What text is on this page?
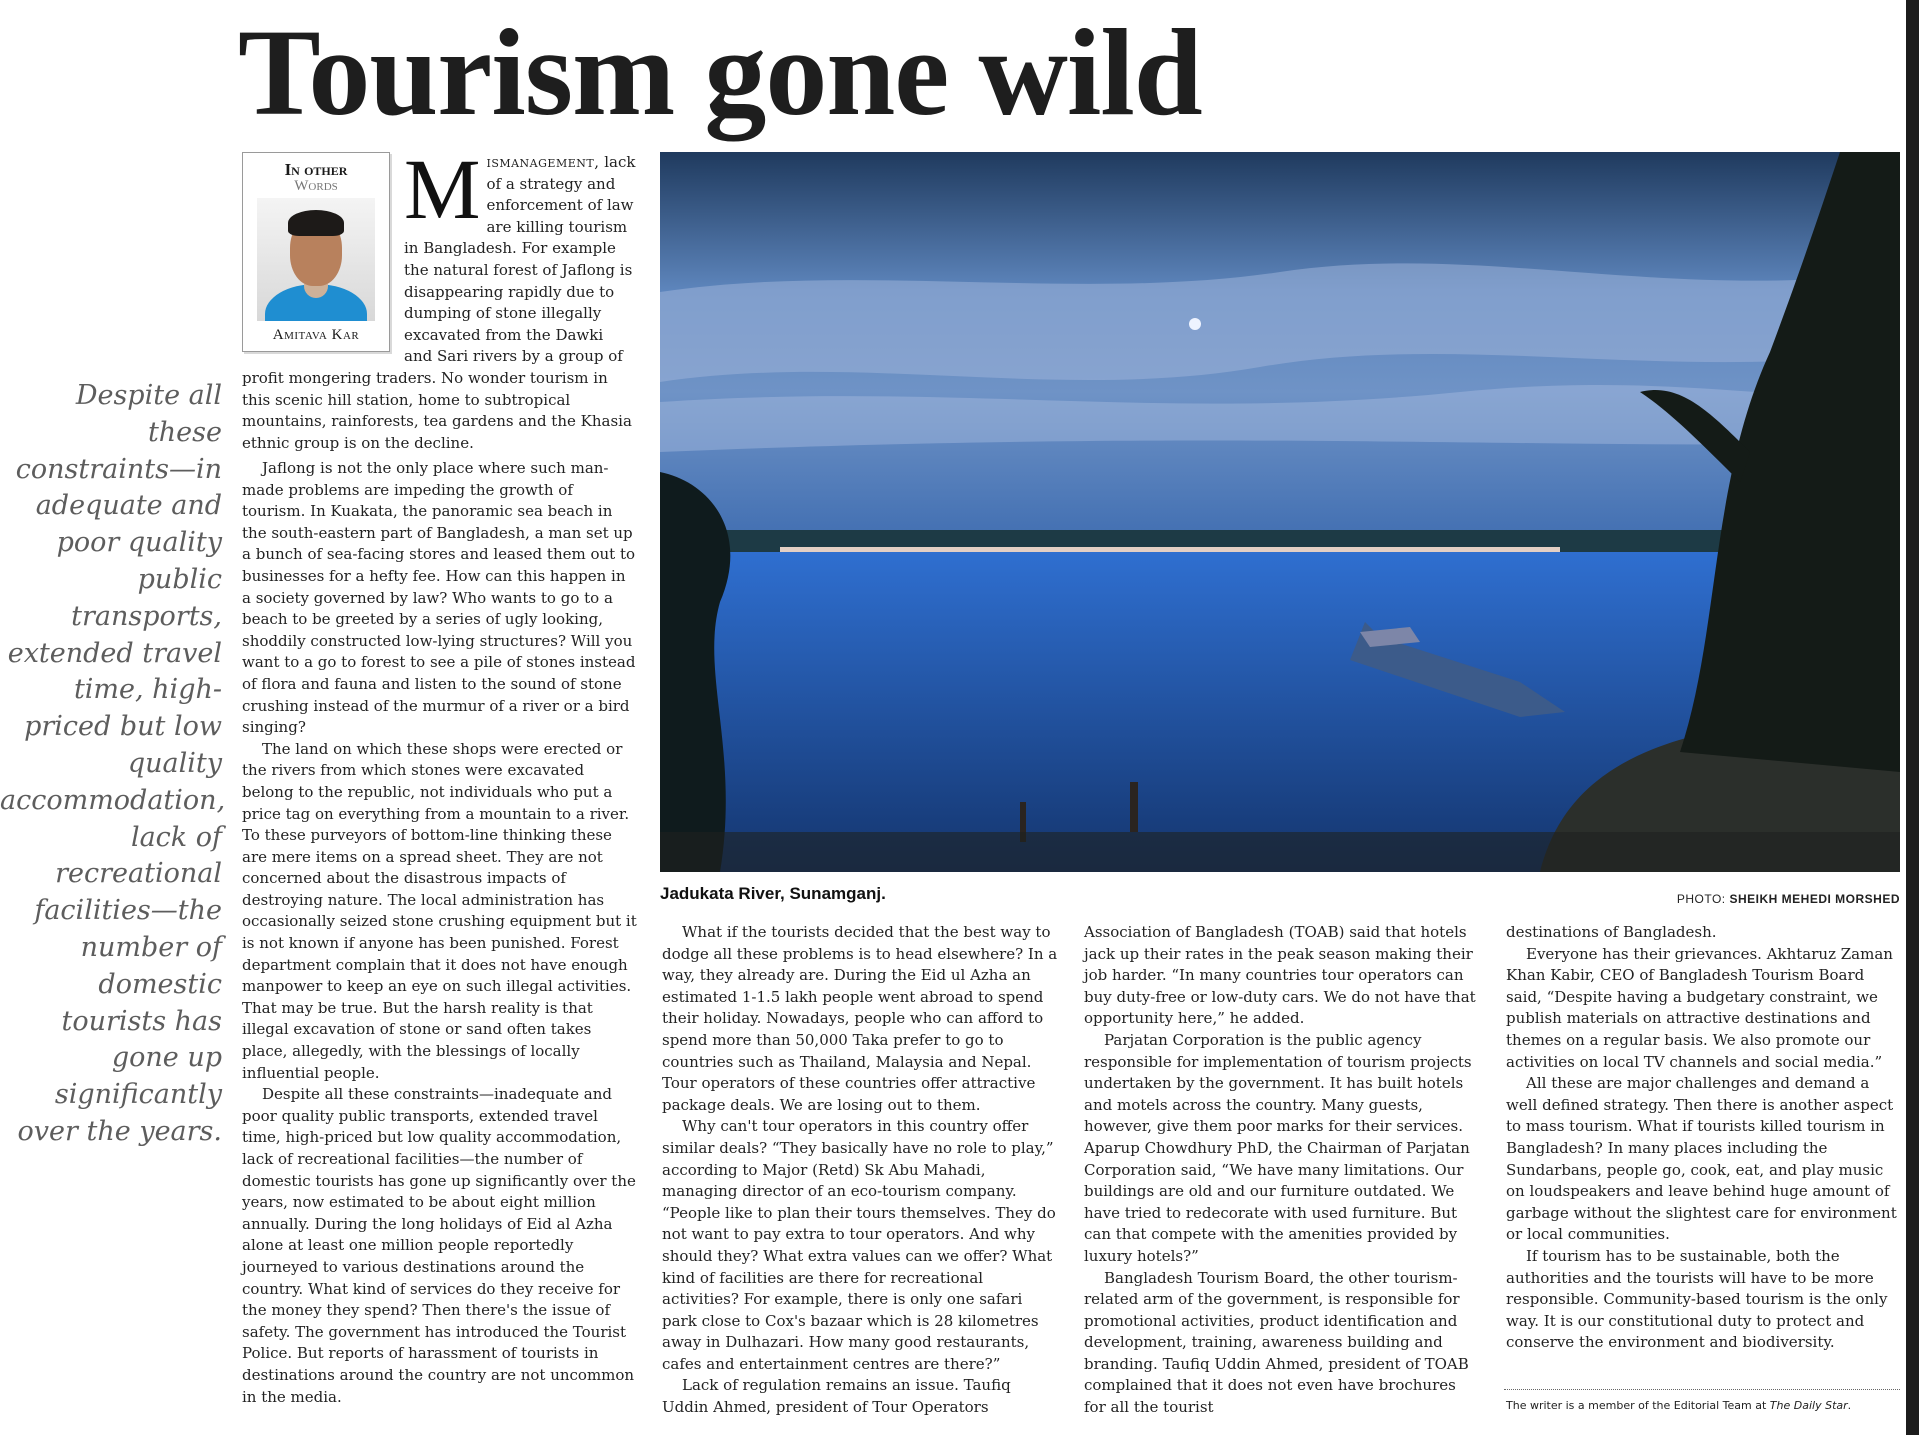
Tourism gone wild
In other
Words
Amitava Kar

Despite all these constraints—in adequate and poor quality public transports, extended travel time, high-priced but low quality accommodation, lack of recreational facilities—the number of domestic tourists has gone up significantly over the years.

M ismanagement, lack of a strategy and enforcement of law are killing tourism in Bangladesh. For example the natural forest of Jaflong is disappearing rapidly due to dumping of stone illegally excavated from the Dawki and Sari rivers by a group of profit mongering traders. No wonder tourism in this scenic hill station, home to subtropical mountains, rainforests, tea gardens and the Khasia ethnic group is on the decline.

Jaflong is not the only place where such man-made problems are impeding the growth of tourism. In Kuakata, the panoramic sea beach in the south-eastern part of Bangladesh, a man set up a bunch of sea-facing stores and leased them out to businesses for a hefty fee. How can this happen in a society governed by law? Who wants to go to a beach to be greeted by a series of ugly looking, shoddily constructed low-lying structures? Will you want to a go to forest to see a pile of stones instead of flora and fauna and listen to the sound of stone crushing instead of the murmur of a river or a bird singing?

The land on which these shops were erected or the rivers from which stones were excavated belong to the republic, not individuals who put a price tag on everything from a mountain to a river. To these purveyors of bottom-line thinking these are mere items on a spread sheet. They are not concerned about the disastrous impacts of destroying nature. The local administration has occasionally seized stone crushing equipment but it is not known if anyone has been punished. Forest department complain that it does not have enough manpower to keep an eye on such illegal activities. That may be true. But the harsh reality is that illegal excavation of stone or sand often takes place, allegedly, with the blessings of locally influential people.

Despite all these constraints—inadequate and poor quality public transports, extended travel time, high-priced but low quality accommodation, lack of recreational facilities—the number of domestic tourists has gone up significantly over the years, now estimated to be about eight million annually. During the long holidays of Eid al Azha alone at least one million people reportedly journeyed to various destinations around the country. What kind of services do they receive for the money they spend? Then there's the issue of safety. The government has introduced the Tourist Police. But reports of harassment of tourists in destinations around the country are not uncommon in the media.

Jadukata River, Sunamganj.	PHOTO: SHEIKH MEHEDI MORSHED

What if the tourists decided that the best way to dodge all these problems is to head elsewhere? In a way, they already are. During the Eid ul Azha an estimated 1-1.5 lakh people went abroad to spend their holiday. Nowadays, people who can afford to spend more than 50,000 Taka prefer to go to countries such as Thailand, Malaysia and Nepal. Tour operators of these countries offer attractive package deals. We are losing out to them.

Why can't tour operators in this country offer similar deals? “They basically have no role to play,” according to Major (Retd) Sk Abu Mahadi, managing director of an eco-tourism company. “People like to plan their tours themselves. They do not want to pay extra to tour operators. And why should they? What extra values can we offer? What kind of facilities are there for recreational activities? For example, there is only one safari park close to Cox's bazaar which is 28 kilometres away in Dulhazari. How many good restaurants, cafes and entertainment centres are there?”

Lack of regulation remains an issue. Taufiq Uddin Ahmed, president of Tour Operators

Association of Bangladesh (TOAB) said that hotels jack up their rates in the peak season making their job harder. “In many countries tour operators can buy duty-free or low-duty cars. We do not have that opportunity here,” he added.

Parjatan Corporation is the public agency responsible for implementation of tourism projects undertaken by the government. It has built hotels and motels across the country. Many guests, however, give them poor marks for their services. Aparup Chowdhury PhD, the Chairman of Parjatan Corporation said, “We have many limitations. Our buildings are old and our furniture outdated. We have tried to redecorate with used furniture. But can that compete with the amenities provided by luxury hotels?”

Bangladesh Tourism Board, the other tourism-related arm of the government, is responsible for promotional activities, product identification and development, training, awareness building and branding. Taufiq Uddin Ahmed, president of TOAB complained that it does not even have brochures for all the tourist

destinations of Bangladesh.

Everyone has their grievances. Akhtaruz Zaman Khan Kabir, CEO of Bangladesh Tourism Board said, “Despite having a budgetary constraint, we publish materials on attractive destinations and themes on a regular basis. We also promote our activities on local TV channels and social media.”

All these are major challenges and demand a well defined strategy. Then there is another aspect to mass tourism. What if tourists killed tourism in Bangladesh? In many places including the Sundarbans, people go, cook, eat, and play music on loudspeakers and leave behind huge amount of garbage without the slightest care for environment or local communities.

If tourism has to be sustainable, both the authorities and the tourists will have to be more responsible. Community-based tourism is the only way. It is our constitutional duty to protect and conserve the environment and biodiversity.

The writer is a member of the Editorial Team at The Daily Star.
